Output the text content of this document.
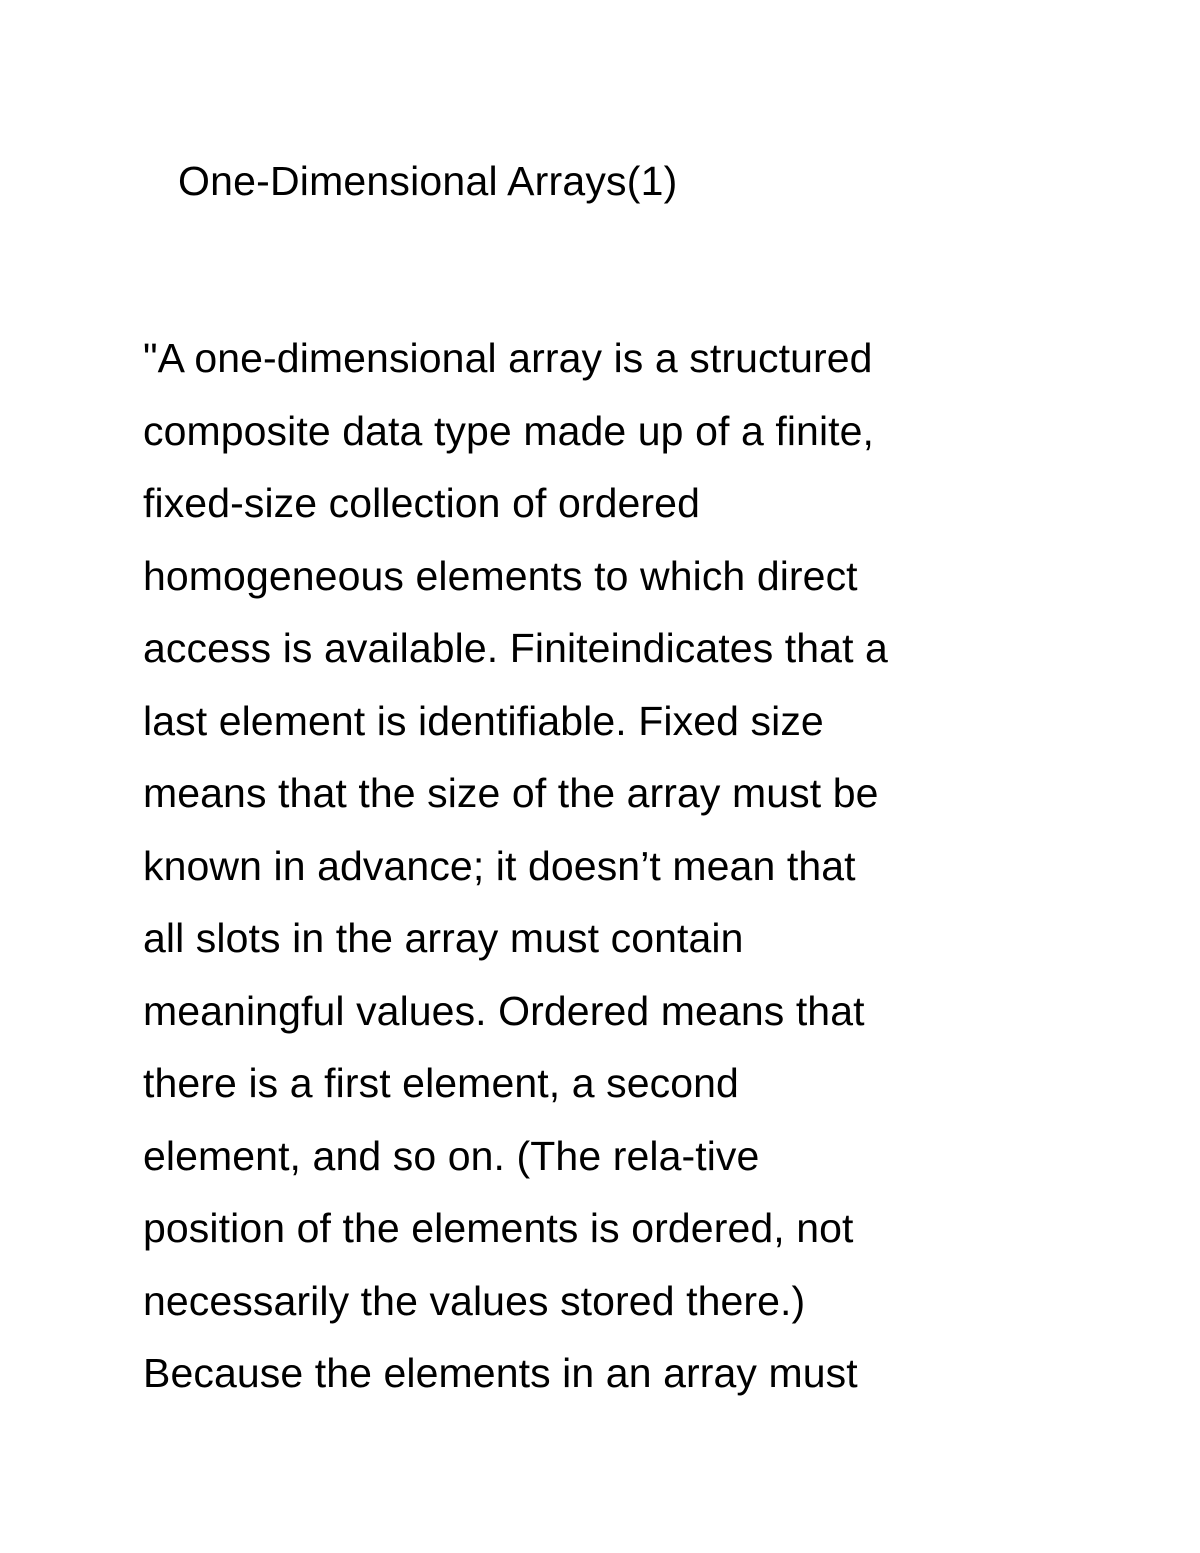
One-Dimensional Arrays(1)
"A one-dimensional array is a structured
composite data type made up of a finite,
fixed-size collection of ordered
homogeneous elements to which direct
access is available. Finiteindicates that a
last element is identifiable. Fixed size
means that the size of the array must be
known in advance; it doesn’t mean that
all slots in the array must contain
meaningful values. Ordered means that
there is a first element, a second
element, and so on. (The rela-tive
position of the elements is ordered, not
necessarily the values stored there.)
Because the elements in an array must
